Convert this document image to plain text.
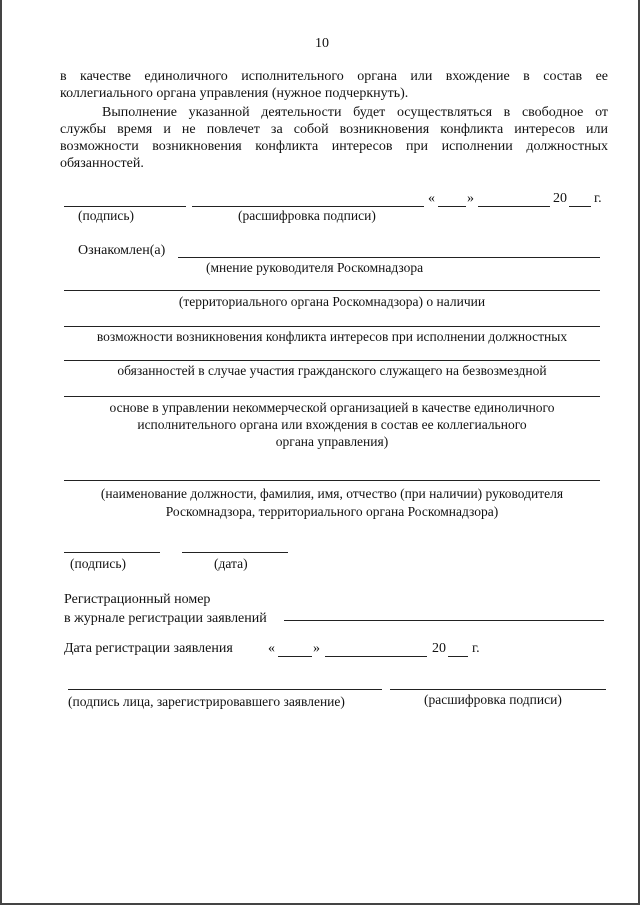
10
в качестве единоличного исполнительного органа или вхождение в состав ее
коллегиального органа управления (нужное подчеркнуть).
Выполнение указанной деятельности будет осуществляться в свободное от
службы время и не повлечет за собой возникновения конфликта интересов или
возможности возникновения конфликта интересов при исполнении должностных
обязанностей.
« »	20 г.
(подпись)	(расшифровка подписи)
Ознакомлен(а)
(мнение руководителя Роскомнадзора
(территориального органа Роскомнадзора) о наличии
возможности возникновения конфликта интересов при исполнении должностных
обязанностей в случае участия гражданского служащего на безвозмездной
основе в управлении некоммерческой организацией в качестве единоличного
исполнительного органа или вхождения в состав ее коллегиального
органа управления)
(наименование должности, фамилия, имя, отчество (при наличии) руководителя
Роскомнадзора, территориального органа Роскомнадзора)
(подпись)	(дата)
Регистрационный номер
в журнале регистрации заявлений
Дата регистрации заявления	«	»	20 г.
(подпись лица, зарегистрировавшего заявление)	(расшифровка подписи)
